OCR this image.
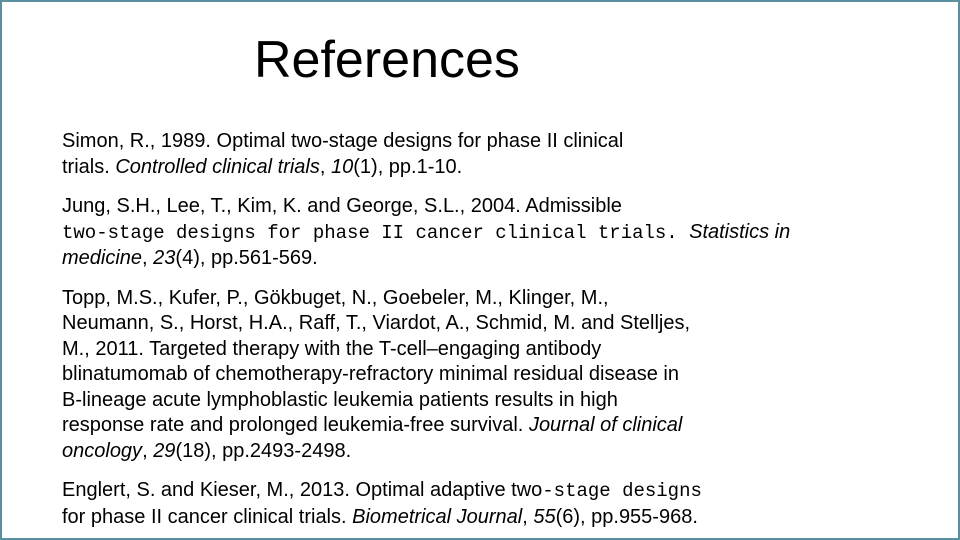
References

Simon, R., 1989. Optimal two-stage designs for phase II clinical
trials. Controlled clinical trials, 10(1), pp.1-10.

Jung, S.H., Lee, T., Kim, K. and George, S.L., 2004. Admissible
two‐stage designs for phase II cancer clinical trials. Statistics in
medicine, 23(4), pp.561-569.

Topp, M.S., Kufer, P., Gökbuget, N., Goebeler, M., Klinger, M.,
Neumann, S., Horst, H.A., Raff, T., Viardot, A., Schmid, M. and Stelljes,
M., 2011. Targeted therapy with the T-cell–engaging antibody
blinatumomab of chemotherapy-refractory minimal residual disease in
B-lineage acute lymphoblastic leukemia patients results in high
response rate and prolonged leukemia-free survival. Journal of clinical
oncology, 29(18), pp.2493-2498.

Englert, S. and Kieser, M., 2013. Optimal adaptive two‐stage designs
for phase II cancer clinical trials. Biometrical Journal, 55(6), pp.955-968.
